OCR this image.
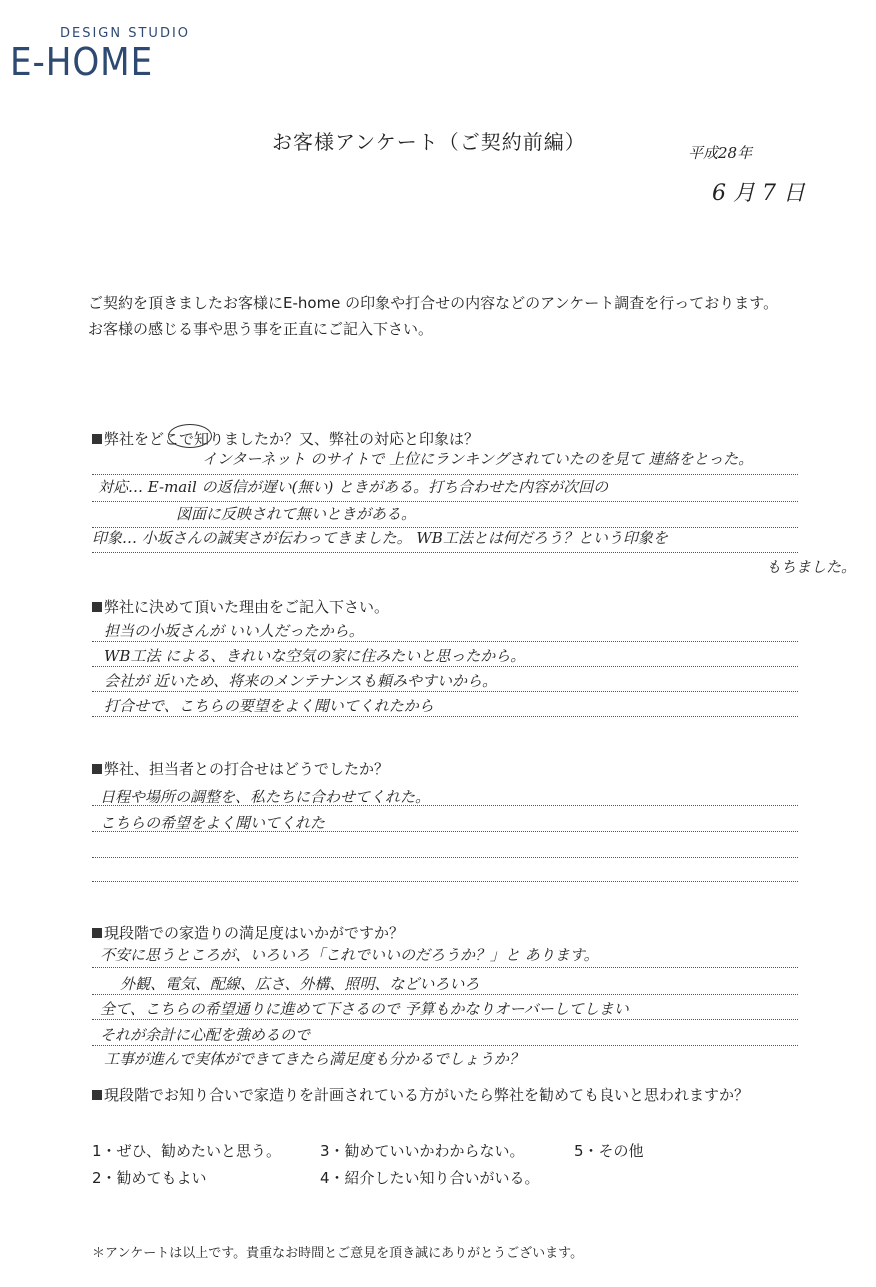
DESIGN STUDIO
E-HOME
お客様アンケート（ご契約前編）	平成28年
6 月 7 日
ご契約を頂きましたお客様にE-home の印象や打合せの内容などのアンケート調査を行っております。
お客様の感じる事や思う事を正直にご記入下さい。
弊社をどこで知りましたか？又、弊社の対応と印象は？
インターネット のサイトで 上位にランキングされていたのを見て 連絡をとった。
対応… E-mail の返信が遅い(無い) ときがある。打ち合わせた内容が次回の
図面に反映されて無いときがある。
印象… 小坂さんの誠実さが伝わってきました。 WB工法とは何だろう？という印象を
もちました。
弊社に決めて頂いた理由をご記入下さい。
担当の小坂さんが いい人だったから。
WB工法 による、きれいな空気の家に住みたいと思ったから。
会社が 近いため、将来のメンテナンスも頼みやすいから。
打合せで、こちらの要望をよく聞いてくれたから
弊社、担当者との打合せはどうでしたか？
日程や場所の調整を、私たちに合わせてくれた。
こちらの希望をよく聞いてくれた
現段階での家造りの満足度はいかがですか？
不安に思うところが、いろいろ「これでいいのだろうか？」と あります。
外観、電気、配線、広さ、外構、照明、などいろいろ
全て、こちらの希望通りに進めて下さるので 予算もかなりオーバーしてしまい
それが余計に心配を強めるので
工事が進んで実体ができてきたら満足度も分かるでしょうか？
現段階でお知り合いで家造りを計画されている方がいたら弊社を勧めても良いと思われますか？
1・ぜひ、勧めたいと思う。	3・勧めていいかわからない。	5・その他
2・勧めてもよい	4・紹介したい知り合いがいる。
＊アンケートは以上です。貴重なお時間とご意見を頂き誠にありがとうございます。
